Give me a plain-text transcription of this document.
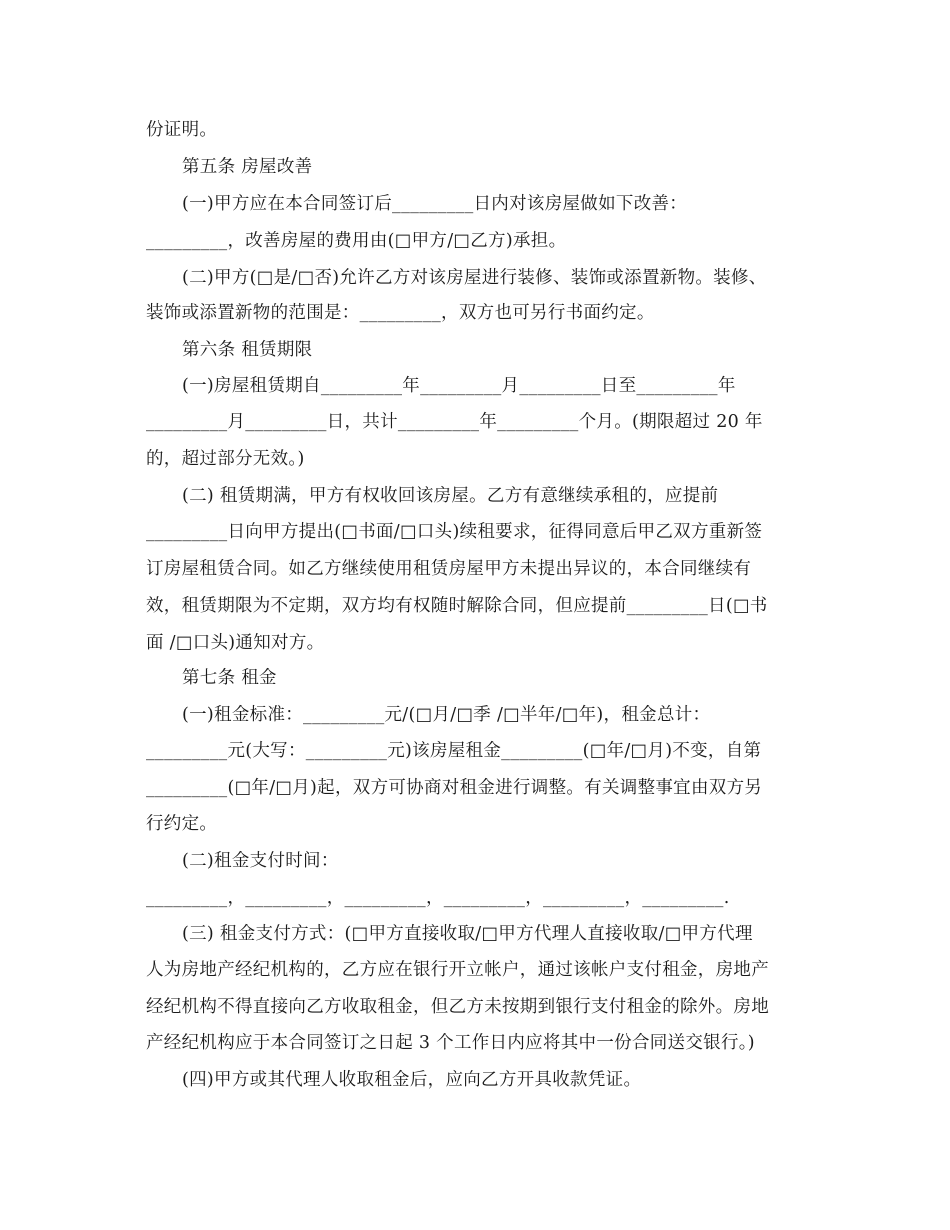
份证明。
第五条 房屋改善
(一)甲方应在本合同签订后_________日内对该房屋做如下改善：
_________，改善房屋的费用由(□甲方/□乙方)承担。
(二)甲方(□是/□否)允许乙方对该房屋进行装修、装饰或添置新物。装修、
装饰或添置新物的范围是：_________，双方也可另行书面约定。
第六条 租赁期限
(一)房屋租赁期自_________年_________月_________日至_________年
_________月_________日，共计_________年_________个月。(期限超过 20 年
的，超过部分无效。)
(二) 租赁期满，甲方有权收回该房屋。乙方有意继续承租的，应提前
_________日向甲方提出(□书面/□口头)续租要求，征得同意后甲乙双方重新签
订房屋租赁合同。如乙方继续使用租赁房屋甲方未提出异议的，本合同继续有
效，租赁期限为不定期，双方均有权随时解除合同，但应提前_________日(□书
面 /□口头)通知对方。
第七条 租金
(一)租金标准：_________元/(□月/□季 /□半年/□年)，租金总计：
_________元(大写：_________元)该房屋租金_________(□年/□月)不变，自第
_________(□年/□月)起，双方可协商对租金进行调整。有关调整事宜由双方另
行约定。
(二)租金支付时间：
_________，_________，_________，_________，_________，_________.
(三) 租金支付方式：(□甲方直接收取/□甲方代理人直接收取/□甲方代理
人为房地产经纪机构的，乙方应在银行开立帐户，通过该帐户支付租金，房地产
经纪机构不得直接向乙方收取租金，但乙方未按期到银行支付租金的除外。房地
产经纪机构应于本合同签订之日起 3 个工作日内应将其中一份合同送交银行。)
(四)甲方或其代理人收取租金后，应向乙方开具收款凭证。
